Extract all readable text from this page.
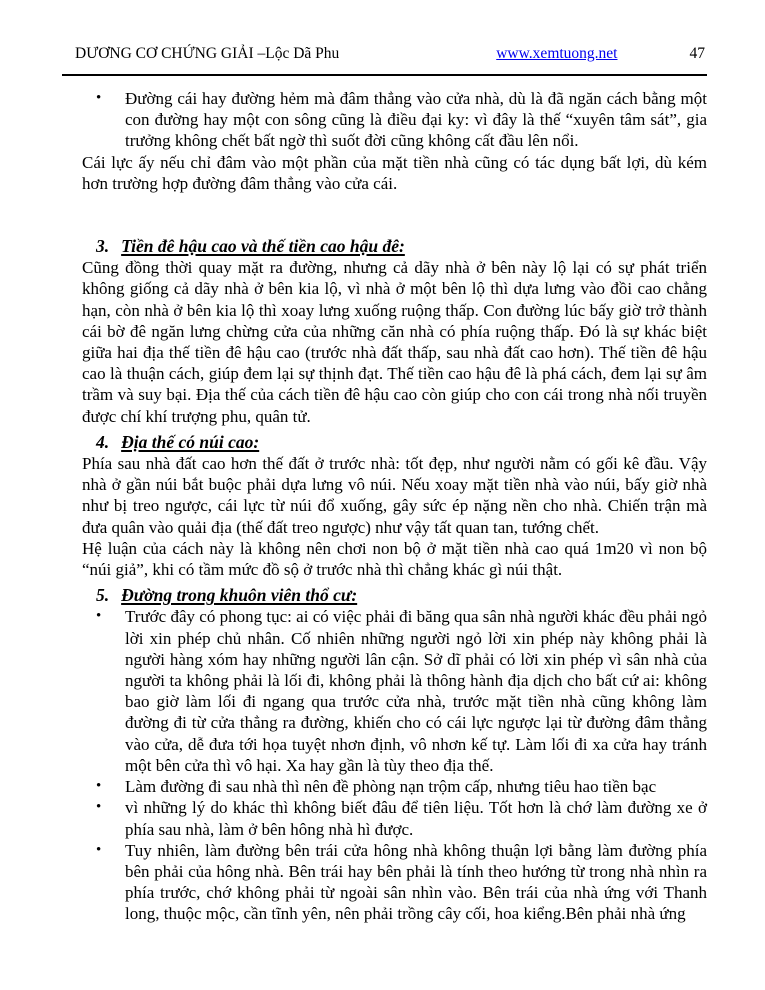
DƯƠNG CƠ CHỨNG GIẢI –Lộc Dã Phu	www.xemtuong.net	47
•	Đường cái hay đường hẻm mà đâm thẳng vào cửa nhà, dù là đã ngăn cách bằng một con đường hay một con sông cũng là điều đại ky: vì đây là thế “xuyên tâm sát”, gia trưởng không chết bất ngờ thì suốt đời cũng không cất đầu lên nổi.

Cái lực ấy nếu chỉ đâm vào một phần của mặt tiền nhà cũng có tác dụng bất lợi, dù kém hơn trường hợp đường đâm thẳng vào cửa cái.

3. Tiền đê hậu cao và thế tiền cao hậu đê:

Cũng đồng thời quay mặt ra đường, nhưng cả dãy nhà ở bên này lộ lại có sự phát triển không giống cả dãy nhà ở bên kia lộ, vì nhà ở một bên lộ thì dựa lưng vào đồi cao chẳng hạn, còn nhà ở bên kia lộ thì xoay lưng xuống ruộng thấp. Con đường lúc bấy giờ trở thành cái bờ đê ngăn lưng chừng cửa của những căn nhà có phía ruộng thấp. Đó là sự khác biệt giữa hai địa thế tiền đê hậu cao (trước nhà đất thấp, sau nhà đất cao hơn). Thế tiền đê hậu cao là thuận cách, giúp đem lại sự thịnh đạt. Thế tiền cao hậu đê là phá cách, đem lại sự âm trầm và suy bại. Địa thế của cách tiền đê hậu cao còn giúp cho con cái trong nhà nối truyền được chí khí trượng phu, quân tử.

4. Địa thế có núi cao:

Phía sau nhà đất cao hơn thế đất ở trước nhà: tốt đẹp, như người nằm có gối kê đầu. Vậy nhà ở gần núi bắt buộc phải dựa lưng vô núi. Nếu xoay mặt tiền nhà vào núi, bấy giờ nhà như bị treo ngược, cái lực từ núi đổ xuống, gây sức ép nặng nền cho nhà. Chiến trận mà đưa quân vào quải địa (thế đất treo ngược) như vậy tất quan tan, tướng chết.

Hệ luận của cách này là không nên chơi non bộ ở mặt tiền nhà cao quá 1m20 vì non bộ “núi giả”, khi có tầm mức đồ sộ ở trước nhà thì chẳng khác gì núi thật.

5. Đường trong khuôn viên thổ cư:
•	Trước đây có phong tục: ai có việc phải đi băng qua sân nhà người khác đều phải ngỏ lời xin phép chủ nhân. Cố nhiên những người ngỏ lời xin phép này không phải là người hàng xóm hay những người lân cận. Sở dĩ phải có lời xin phép vì sân nhà của người ta không phải là lối đi, không phải là thông hành địa dịch cho bất cứ ai: không bao giờ làm lối đi ngang qua trước cửa nhà, trước mặt tiền nhà cũng không làm đường đi từ cửa thẳng ra đường, khiến cho có cái lực ngược lại từ đường đâm thẳng vào cửa, dễ đưa tới họa tuyệt nhơn định, vô nhơn kế tự. Làm lối đi xa cửa hay tránh một bên cửa thì vô hại. Xa hay gần là tùy theo địa thế.

•	Làm đường đi sau nhà thì nên đề phòng nạn trộm cấp, nhưng tiêu hao tiền bạc

•	vì những lý do khác thì không biết đâu để tiên liệu. Tốt hơn là chớ làm đường xe ở phía sau nhà, làm ở bên hông nhà hì được.

•	Tuy nhiên, làm đường bên trái cửa hông nhà không thuận lợi bằng làm đường phía bên phải của hông nhà. Bên trái hay bên phải là tính theo hướng từ trong nhà nhìn ra phía trước, chớ không phải từ ngoài sân nhìn vào. Bên trái của nhà ứng với Thanh long, thuộc mộc, cần tĩnh yên, nên phải trồng cây cối, hoa kiểng.Bên phải nhà ứng
